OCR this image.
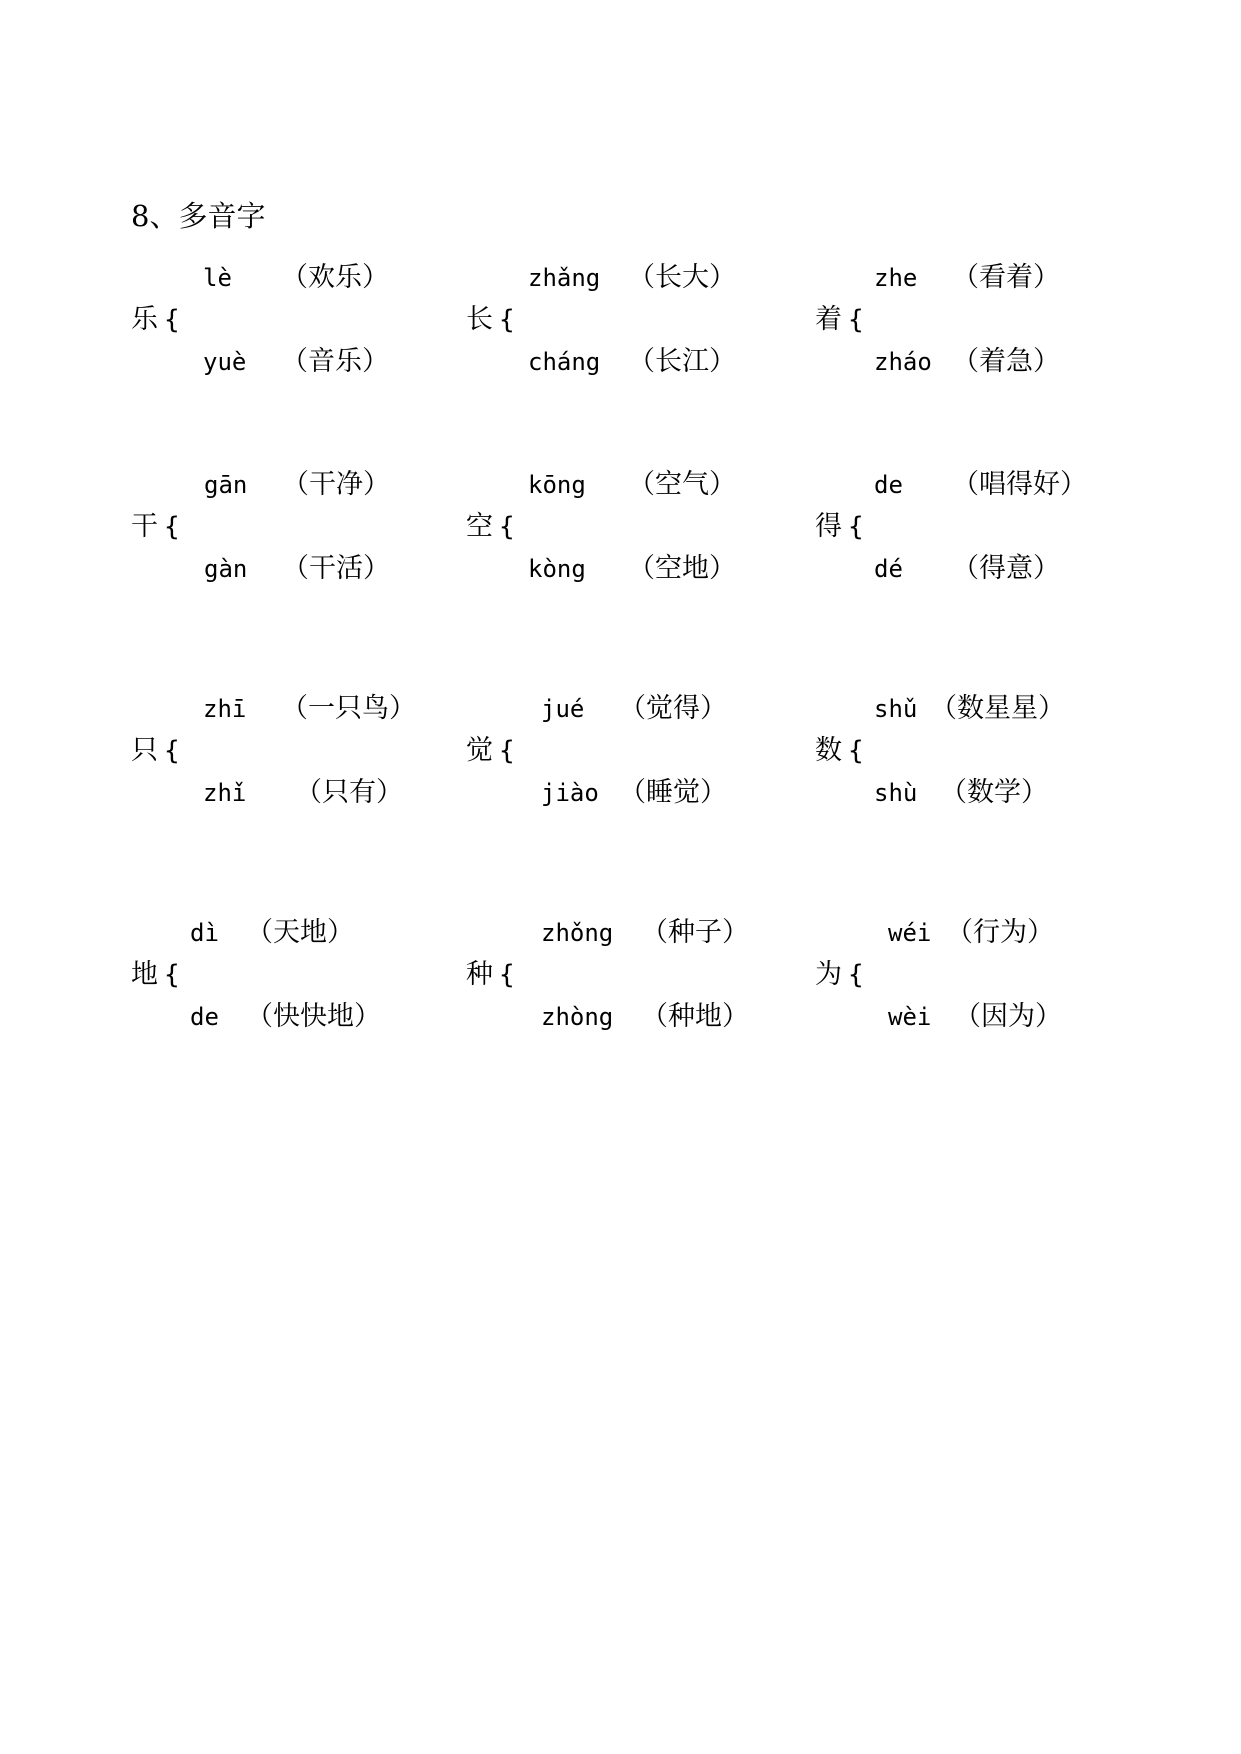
8、多音字
乐 {
lè （欢乐）
yuè （音乐）
长 {
zhǎng （长大）
cháng （长江）
着 {
zhe （看着）
zháo （着急）
干 {
gān （干净）
gàn （干活）
空 {
kōng （空气）
kòng （空地）
得 {
de （唱得好）
dé （得意）
只 {
zhī （一只鸟）
zhǐ （只有）
觉 {
jué （觉得）
jiào （睡觉）
数 {
shǔ （数星星）
shù （数学）
地 {
dì （天地）
de （快快地）
种 {
zhǒng （种子）
zhòng （种地）
为 {
wéi （行为）
wèi （因为）
